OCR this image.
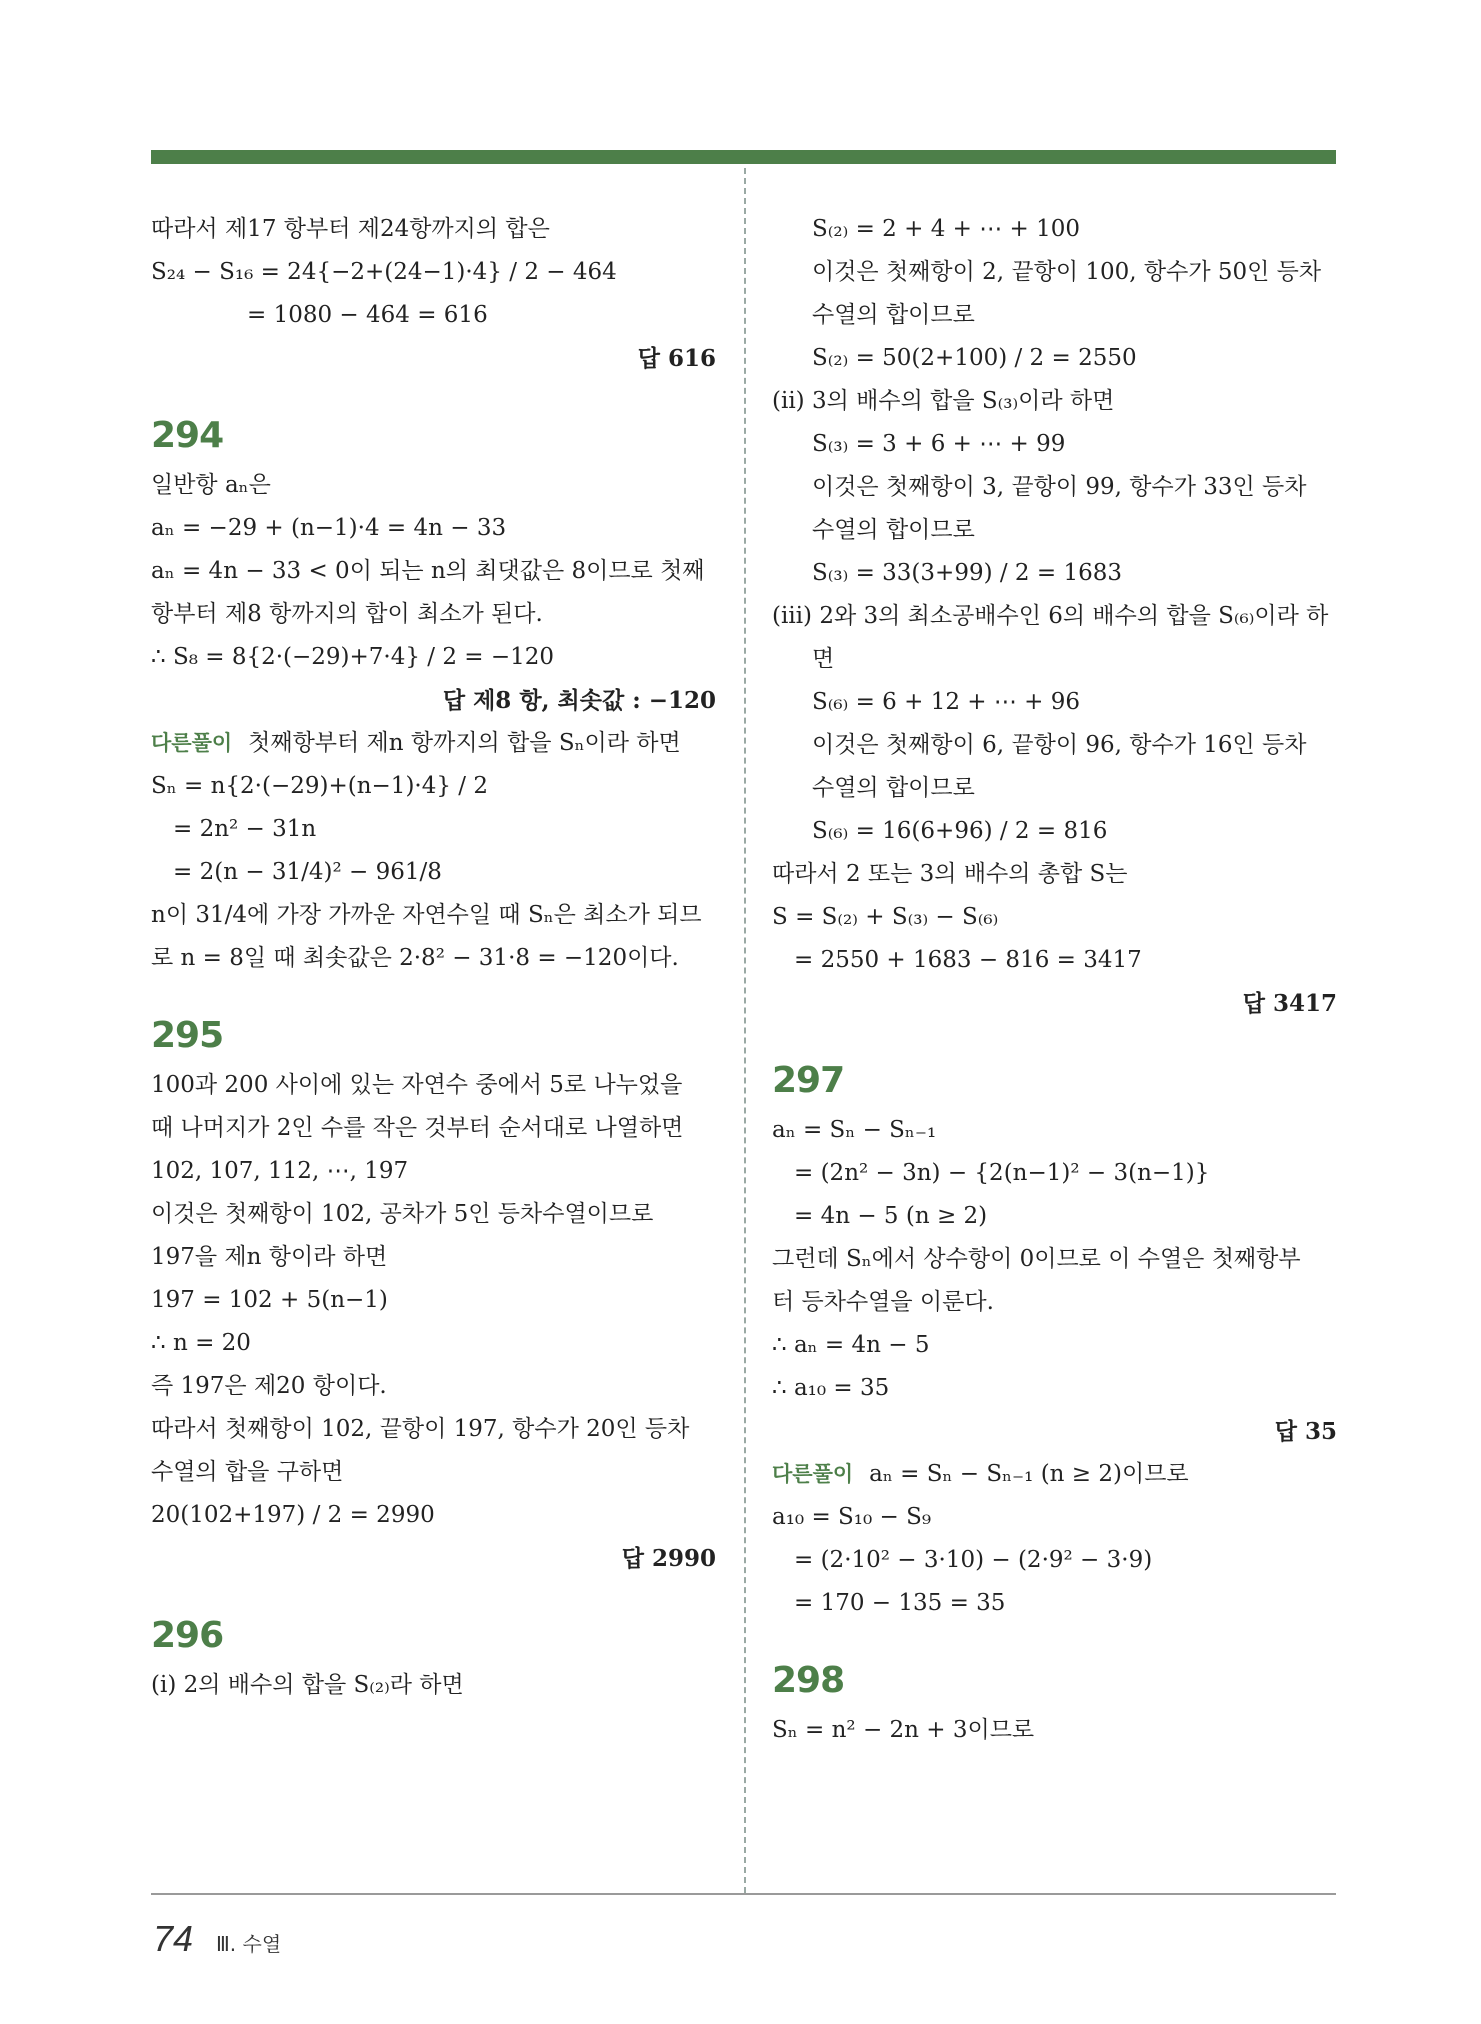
따라서 제17 항부터 제24항까지의 합은
S₂₄ − S₁₆ = 24{−2+(24−1)·4} / 2 − 464
= 1080 − 464 = 616
답 616
294
일반항 aₙ은
aₙ = −29 + (n−1)·4 = 4n − 33
aₙ = 4n − 33 < 0이 되는 n의 최댓값은 8이므로 첫째
항부터 제8 항까지의 합이 최소가 된다.
∴ S₈ = 8{2·(−29)+7·4} / 2 = −120
답 제8 항, 최솟값 : −120
다른풀이 첫째항부터 제n 항까지의 합을 Sₙ이라 하면
Sₙ = n{2·(−29)+(n−1)·4} / 2
= 2n² − 31n
= 2(n − 31/4)² − 961/8
n이 31/4에 가장 가까운 자연수일 때 Sₙ은 최소가 되므
로 n = 8일 때 최솟값은 2·8² − 31·8 = −120이다.
295
100과 200 사이에 있는 자연수 중에서 5로 나누었을
때 나머지가 2인 수를 작은 것부터 순서대로 나열하면
102, 107, 112, ⋯, 197
이것은 첫째항이 102, 공차가 5인 등차수열이므로
197을 제n 항이라 하면
197 = 102 + 5(n−1)
∴ n = 20
즉 197은 제20 항이다.
따라서 첫째항이 102, 끝항이 197, 항수가 20인 등차
수열의 합을 구하면
20(102+197) / 2 = 2990
답 2990
296
(ⅰ) 2의 배수의 합을 S₍₂₎라 하면
S₍₂₎ = 2 + 4 + ⋯ + 100
이것은 첫째항이 2, 끝항이 100, 항수가 50인 등차
수열의 합이므로
S₍₂₎ = 50(2+100) / 2 = 2550
(ⅱ) 3의 배수의 합을 S₍₃₎이라 하면
S₍₃₎ = 3 + 6 + ⋯ + 99
이것은 첫째항이 3, 끝항이 99, 항수가 33인 등차
수열의 합이므로
S₍₃₎ = 33(3+99) / 2 = 1683
(ⅲ) 2와 3의 최소공배수인 6의 배수의 합을 S₍₆₎이라 하
면
S₍₆₎ = 6 + 12 + ⋯ + 96
이것은 첫째항이 6, 끝항이 96, 항수가 16인 등차
수열의 합이므로
S₍₆₎ = 16(6+96) / 2 = 816
따라서 2 또는 3의 배수의 총합 S는
S = S₍₂₎ + S₍₃₎ − S₍₆₎
= 2550 + 1683 − 816 = 3417
답 3417
297
aₙ = Sₙ − Sₙ₋₁
= (2n² − 3n) − {2(n−1)² − 3(n−1)}
= 4n − 5 (n ≥ 2)
그런데 Sₙ에서 상수항이 0이므로 이 수열은 첫째항부
터 등차수열을 이룬다.
∴ aₙ = 4n − 5
∴ a₁₀ = 35
답 35
다른풀이 aₙ = Sₙ − Sₙ₋₁ (n ≥ 2)이므로
a₁₀ = S₁₀ − S₉
= (2·10² − 3·10) − (2·9² − 3·9)
= 170 − 135 = 35
298
Sₙ = n² − 2n + 3이므로
74 Ⅲ. 수열
